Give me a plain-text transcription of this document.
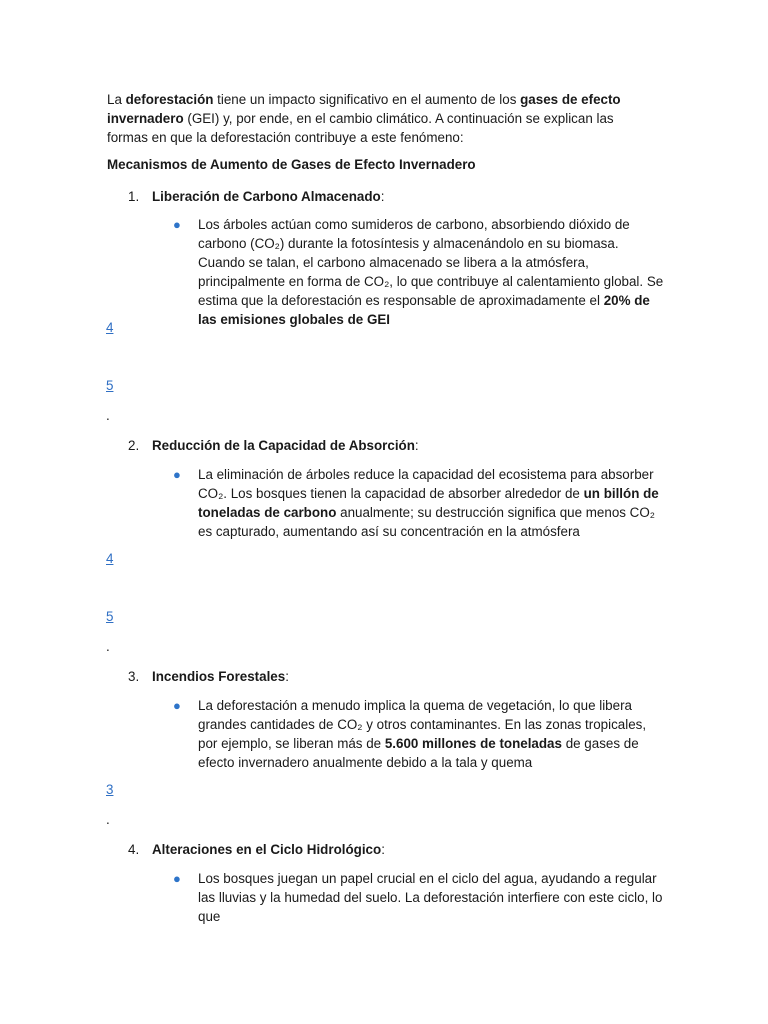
La deforestación tiene un impacto significativo en el aumento de los gases de efecto invernadero (GEI) y, por ende, en el cambio climático. A continuación se explican las formas en que la deforestación contribuye a este fenómeno:

Mecanismos de Aumento de Gases de Efecto Invernadero

1. Liberación de Carbono Almacenado:
● Los árboles actúan como sumideros de carbono, absorbiendo dióxido de carbono (CO₂) durante la fotosíntesis y almacenándolo en su biomasa. Cuando se talan, el carbono almacenado se libera a la atmósfera, principalmente en forma de CO₂, lo que contribuye al calentamiento global. Se estima que la deforestación es responsable de aproximadamente el 20% de las emisiones globales de GEI

4
5
.
2. Reducción de la Capacidad de Absorción:
● La eliminación de árboles reduce la capacidad del ecosistema para absorber CO₂. Los bosques tienen la capacidad de absorber alrededor de un billón de toneladas de carbono anualmente; su destrucción significa que menos CO₂ es capturado, aumentando así su concentración en la atmósfera

4
5
.
3. Incendios Forestales:
● La deforestación a menudo implica la quema de vegetación, lo que libera grandes cantidades de CO₂ y otros contaminantes. En las zonas tropicales, por ejemplo, se liberan más de 5.600 millones de toneladas de gases de efecto invernadero anualmente debido a la tala y quema

3
.
4. Alteraciones en el Ciclo Hidrológico:
● Los bosques juegan un papel crucial en el ciclo del agua, ayudando a regular las lluvias y la humedad del suelo. La deforestación interfiere con este ciclo, lo que
